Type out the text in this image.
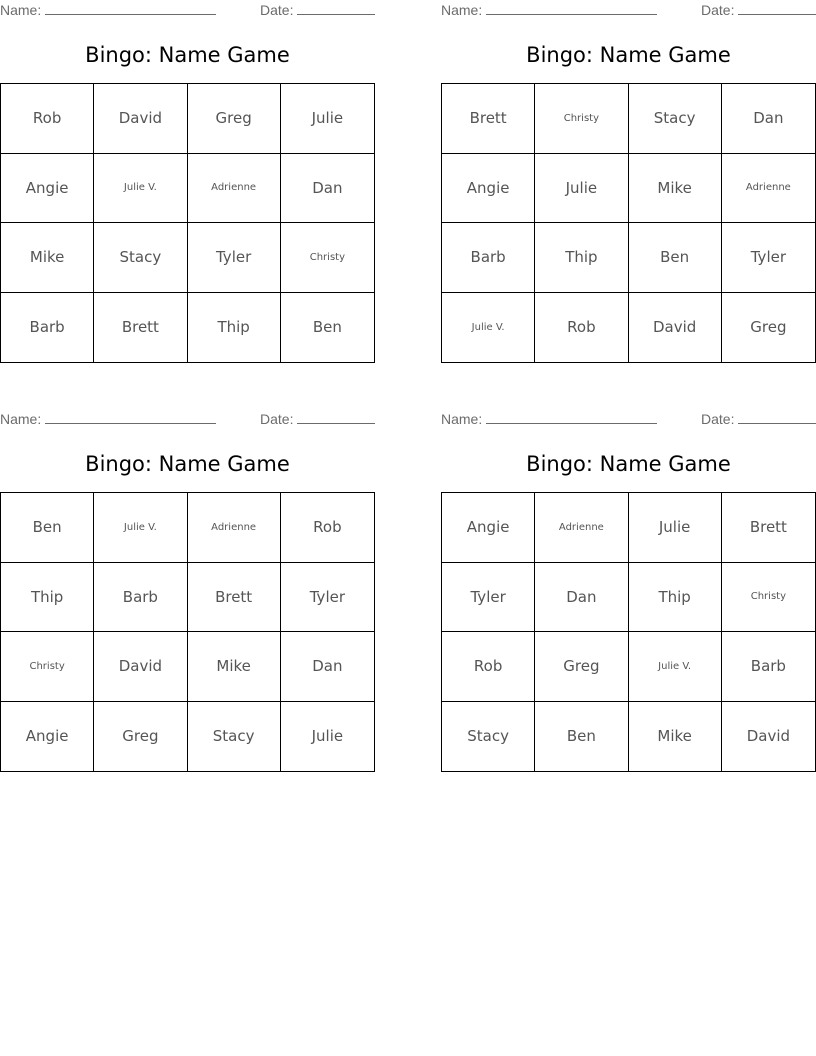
Name:	Date:
Bingo: Name Game
Rob	David	Greg	Julie
Angie	Julie V.	Adrienne	Dan
Mike	Stacy	Tyler	Christy
Barb	Brett	Thip	Ben
Name:	Date:
Bingo: Name Game
Brett	Christy	Stacy	Dan
Angie	Julie	Mike	Adrienne
Barb	Thip	Ben	Tyler
Julie V.	Rob	David	Greg
Name:	Date:
Bingo: Name Game
Ben	Julie V.	Adrienne	Rob
Thip	Barb	Brett	Tyler
Christy	David	Mike	Dan
Angie	Greg	Stacy	Julie
Name:	Date:
Bingo: Name Game
Angie	Adrienne	Julie	Brett
Tyler	Dan	Thip	Christy
Rob	Greg	Julie V.	Barb
Stacy	Ben	Mike	David
